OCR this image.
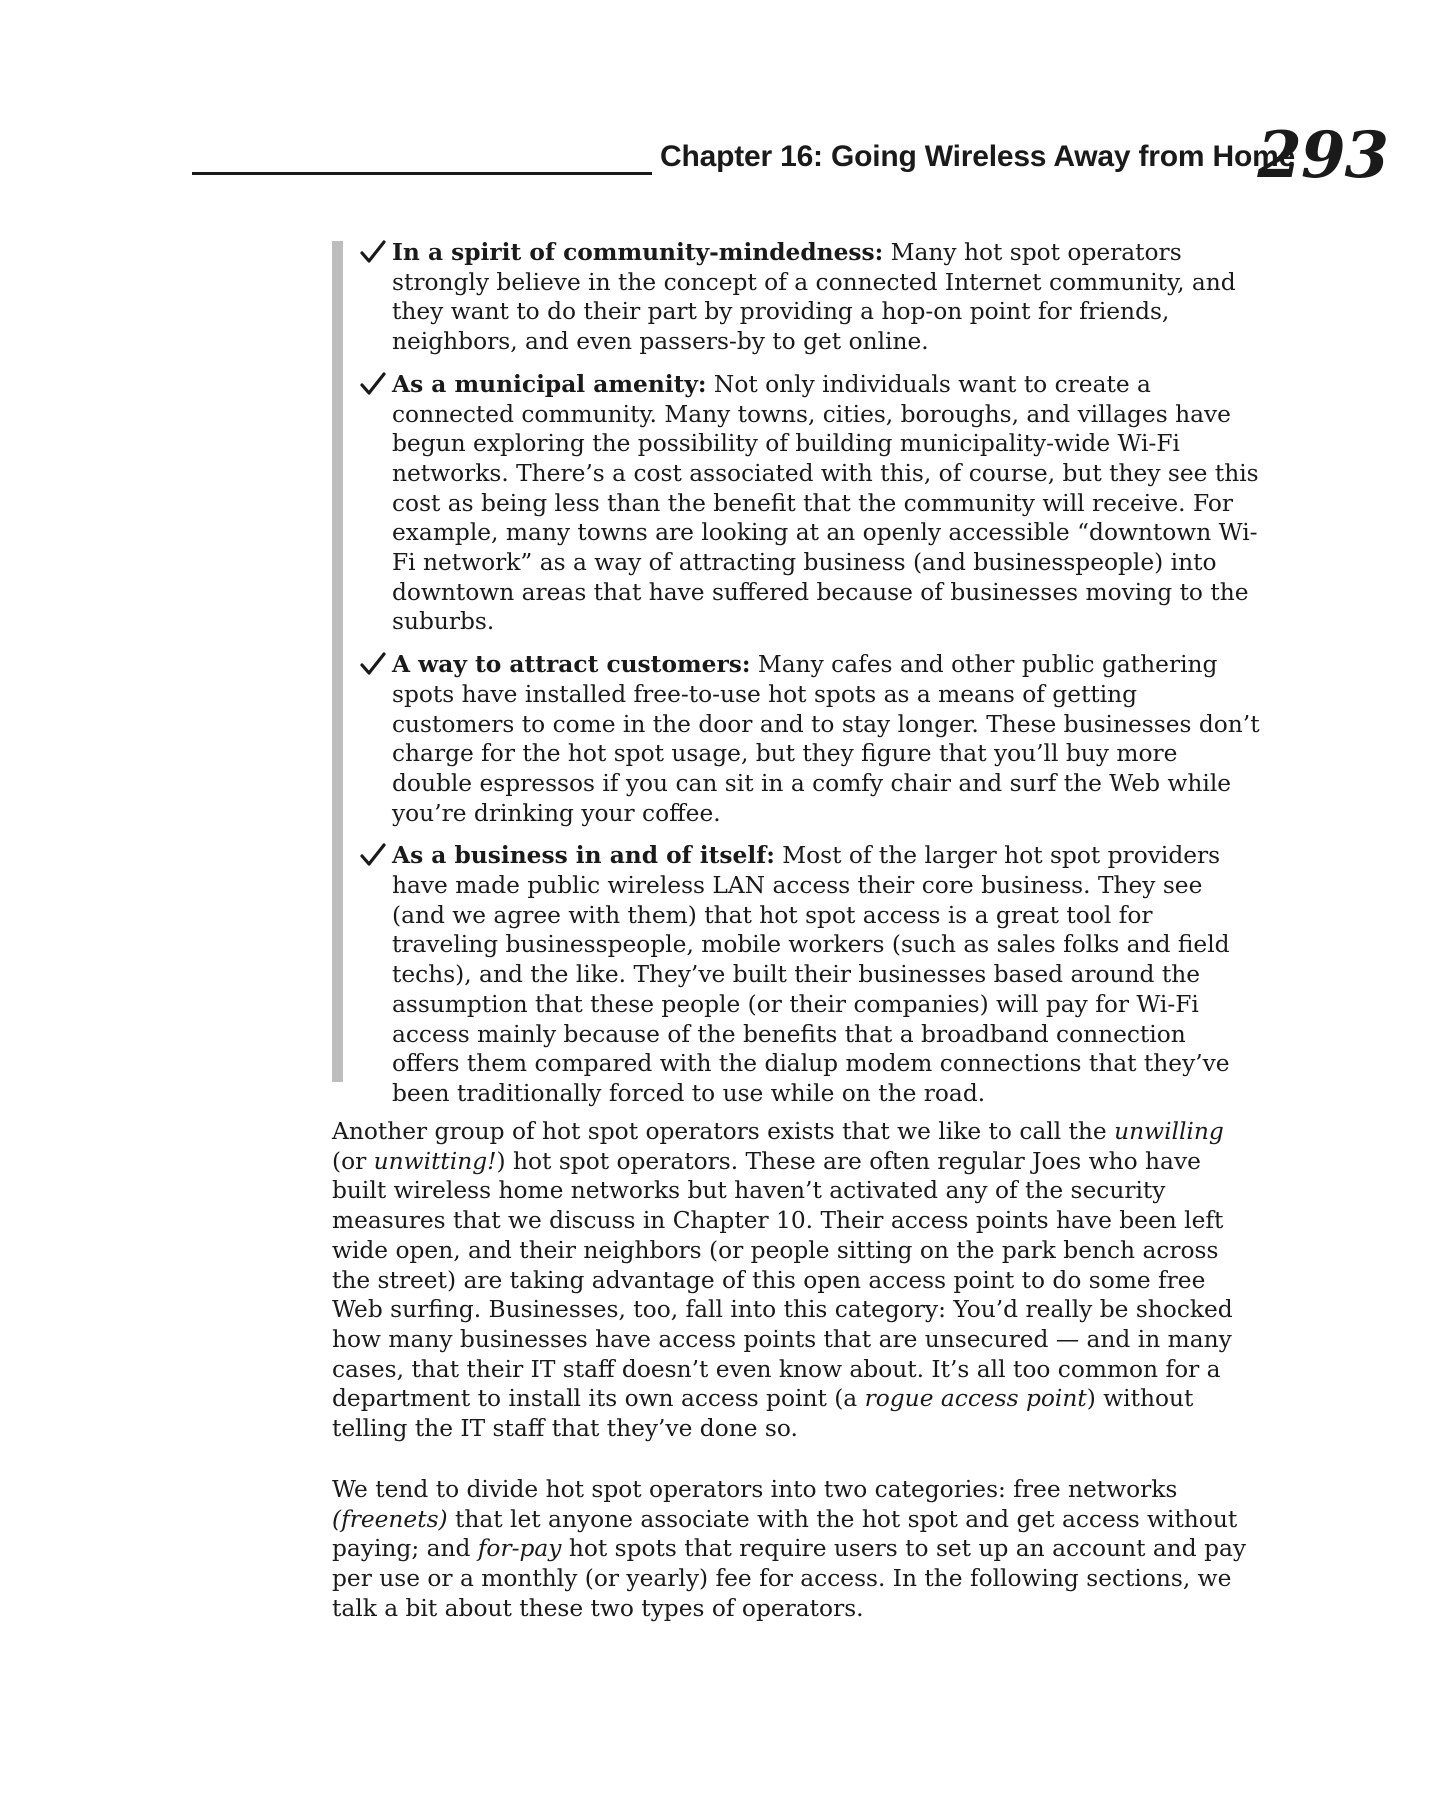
Chapter 16: Going Wireless Away from Home
293
In a spirit of community-mindedness: Many hot spot operators strongly believe in the concept of a connected Internet community, and they want to do their part by providing a hop-on point for friends, neighbors, and even passers-by to get online.
As a municipal amenity: Not only individuals want to create a connected community. Many towns, cities, boroughs, and villages have begun exploring the possibility of building municipality-wide Wi-Fi networks. There’s a cost associated with this, of course, but they see this cost as being less than the benefit that the community will receive. For example, many towns are looking at an openly accessible “downtown Wi-Fi network” as a way of attracting business (and businesspeople) into downtown areas that have suffered because of businesses moving to the suburbs.
A way to attract customers: Many cafes and other public gathering spots have installed free-to-use hot spots as a means of getting customers to come in the door and to stay longer. These businesses don’t charge for the hot spot usage, but they figure that you’ll buy more double espressos if you can sit in a comfy chair and surf the Web while you’re drinking your coffee.
As a business in and of itself: Most of the larger hot spot providers have made public wireless LAN access their core business. They see (and we agree with them) that hot spot access is a great tool for traveling businesspeople, mobile workers (such as sales folks and field techs), and the like. They’ve built their businesses based around the assumption that these people (or their companies) will pay for Wi-Fi access mainly because of the benefits that a broadband connection offers them compared with the dialup modem connections that they’ve been traditionally forced to use while on the road.

Another group of hot spot operators exists that we like to call the unwilling (or unwitting!) hot spot operators. These are often regular Joes who have built wireless home networks but haven’t activated any of the security measures that we discuss in Chapter 10. Their access points have been left wide open, and their neighbors (or people sitting on the park bench across the street) are taking advantage of this open access point to do some free Web surfing. Businesses, too, fall into this category: You’d really be shocked how many businesses have access points that are unsecured — and in many cases, that their IT staff doesn’t even know about. It’s all too common for a department to install its own access point (a rogue access point) without telling the IT staff that they’ve done so.

We tend to divide hot spot operators into two categories: free networks (freenets) that let anyone associate with the hot spot and get access without paying; and for-pay hot spots that require users to set up an account and pay per use or a monthly (or yearly) fee for access. In the following sections, we talk a bit about these two types of operators.
